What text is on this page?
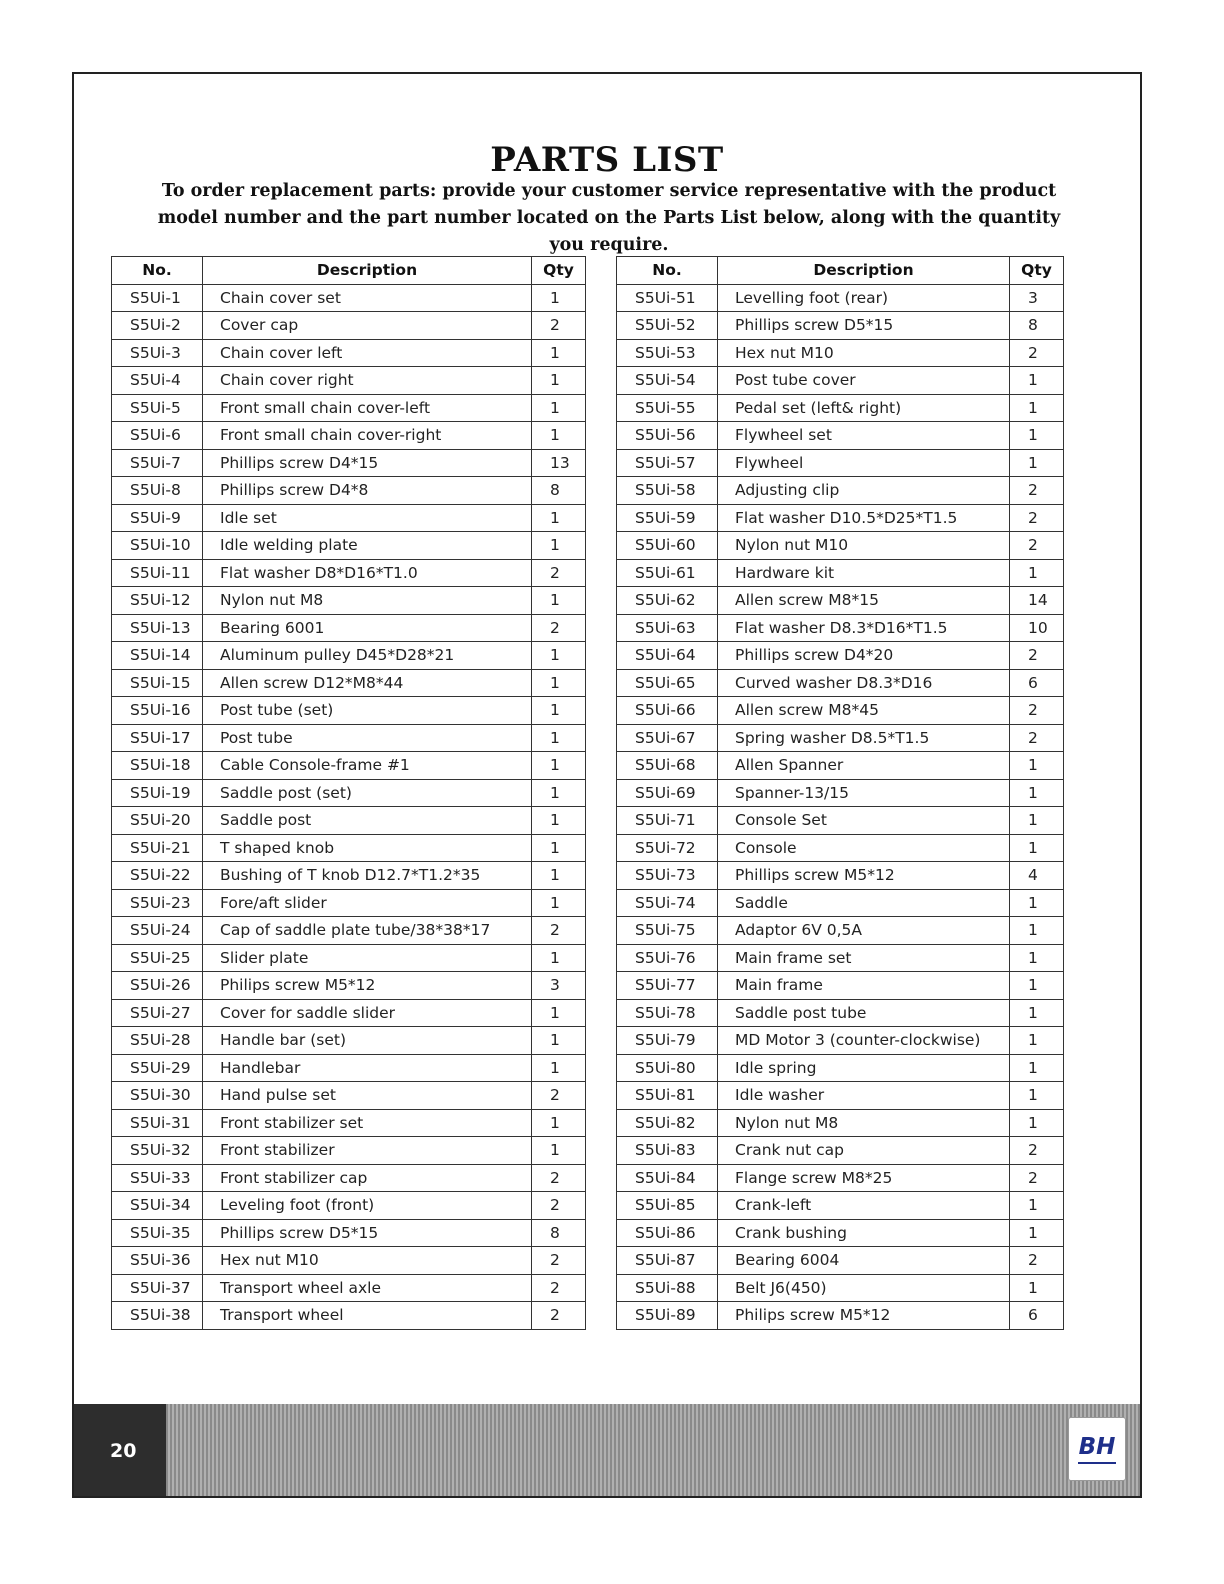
PARTS LIST
To order replacement parts: provide your customer service representative with the product model number and the part number located on the Parts List below, along with the quantity you require.
No.	Description	Qty
S5Ui-1	Chain cover set	1
S5Ui-2	Cover cap	2
S5Ui-3	Chain cover left	1
S5Ui-4	Chain cover right	1
S5Ui-5	Front small chain cover-left	1
S5Ui-6	Front small chain cover-right	1
S5Ui-7	Phillips screw D4*15	13
S5Ui-8	Phillips screw D4*8	8
S5Ui-9	Idle set	1
S5Ui-10	Idle welding plate	1
S5Ui-11	Flat washer D8*D16*T1.0	2
S5Ui-12	Nylon nut M8	1
S5Ui-13	Bearing 6001	2
S5Ui-14	Aluminum pulley D45*D28*21	1
S5Ui-15	Allen screw D12*M8*44	1
S5Ui-16	Post tube (set)	1
S5Ui-17	Post tube	1
S5Ui-18	Cable Console-frame #1	1
S5Ui-19	Saddle post (set)	1
S5Ui-20	Saddle post	1
S5Ui-21	T shaped knob	1
S5Ui-22	Bushing of T knob D12.7*T1.2*35	1
S5Ui-23	Fore/aft slider	1
S5Ui-24	Cap of saddle plate tube/38*38*17	2
S5Ui-25	Slider plate	1
S5Ui-26	Philips screw M5*12	3
S5Ui-27	Cover for saddle slider	1
S5Ui-28	Handle bar (set)	1
S5Ui-29	Handlebar	1
S5Ui-30	Hand pulse set	2
S5Ui-31	Front stabilizer set	1
S5Ui-32	Front stabilizer	1
S5Ui-33	Front stabilizer cap	2
S5Ui-34	Leveling foot (front)	2
S5Ui-35	Phillips screw D5*15	8
S5Ui-36	Hex nut M10	2
S5Ui-37	Transport wheel axle	2
S5Ui-38	Transport wheel	2
No.	Description	Qty
S5Ui-51	Levelling foot (rear)	3
S5Ui-52	Phillips screw D5*15	8
S5Ui-53	Hex nut M10	2
S5Ui-54	Post tube cover	1
S5Ui-55	Pedal set (left& right)	1
S5Ui-56	Flywheel set	1
S5Ui-57	Flywheel	1
S5Ui-58	Adjusting clip	2
S5Ui-59	Flat washer D10.5*D25*T1.5	2
S5Ui-60	Nylon nut M10	2
S5Ui-61	Hardware kit	1
S5Ui-62	Allen screw M8*15	14
S5Ui-63	Flat washer D8.3*D16*T1.5	10
S5Ui-64	Phillips screw D4*20	2
S5Ui-65	Curved washer D8.3*D16	6
S5Ui-66	Allen screw M8*45	2
S5Ui-67	Spring washer D8.5*T1.5	2
S5Ui-68	Allen Spanner	1
S5Ui-69	Spanner-13/15	1
S5Ui-71	Console Set	1
S5Ui-72	Console	1
S5Ui-73	Phillips screw M5*12	4
S5Ui-74	Saddle	1
S5Ui-75	Adaptor 6V 0,5A	1
S5Ui-76	Main frame set	1
S5Ui-77	Main frame	1
S5Ui-78	Saddle post tube	1
S5Ui-79	MD Motor 3 (counter-clockwise)	1
S5Ui-80	Idle spring	1
S5Ui-81	Idle washer	1
S5Ui-82	Nylon nut M8	1
S5Ui-83	Crank nut cap	2
S5Ui-84	Flange screw M8*25	2
S5Ui-85	Crank-left	1
S5Ui-86	Crank bushing	1
S5Ui-87	Bearing 6004	2
S5Ui-88	Belt J6(450)	1
S5Ui-89	Philips screw M5*12	6
20	BH
